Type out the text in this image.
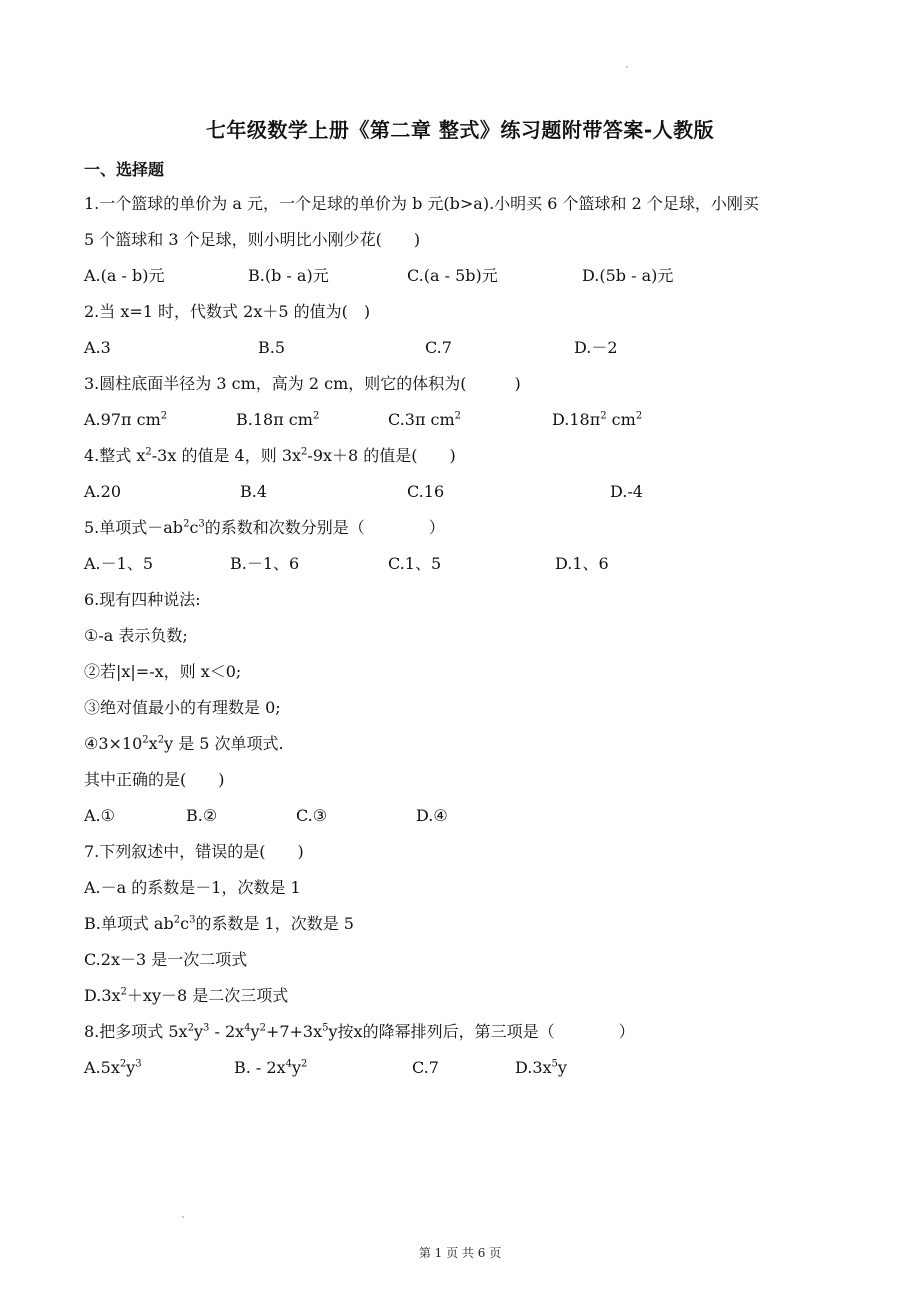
七年级数学上册《第二章 整式》练习题附带答案-人教版
一、选择题
1.一个篮球的单价为 a 元，一个足球的单价为 b 元(b>a).小明买 6 个篮球和 2 个足球，小刚买
5 个篮球和 3 个足球，则小明比小刚少花(　　)
A.(a - b)元	B.(b - a)元	C.(a - 5b)元	D.(5b - a)元
2.当 x=1 时，代数式 2x＋5 的值为(　)
A.3	B.5	C.7	D.－2
3.圆柱底面半径为 3 cm，高为 2 cm，则它的体积为(　　　)
A.97π $cm^2$	B.18π $cm^2$	C.3π $cm^2$	$D.18\pi^2$ $cm^2$
4.整式 $x^2-3x$ 的值是 4，则 $3x^2-9x+8$ 的值是(　　)
A.20	B.4	C.16	D.-4
5.单项式$-ab^2c^3$的系数和次数分别是（　　　　）
A.－1、5	B.－1、6	C.1、5	D.1、6
6.现有四种说法:
①-a 表示负数;
②若|x|=-x，则 x＜0;
③绝对值最小的有理数是 0;
$④3\times 10^2x^2y$ 是 5 次单项式.
其中正确的是(　　)
A.①	B.②	C.③	D.④
7.下列叙述中，错误的是(　　)
A.－a 的系数是－1，次数是 1
B.单项式 $ab^2c^3$的系数是 1，次数是 5
C.2x－3 是一次二项式
$D.3x^2+xy-8$ 是二次三项式
8.把多项式 $5x^2y^3 - 2x^4y^2+7+3x^5y$按x的降幂排列后，第三项是（　　　　）
$A.5x^2y^3$	B. - $2x^4y^2$	C.7	$D.3x^5y$
第 1 页 共 6 页
